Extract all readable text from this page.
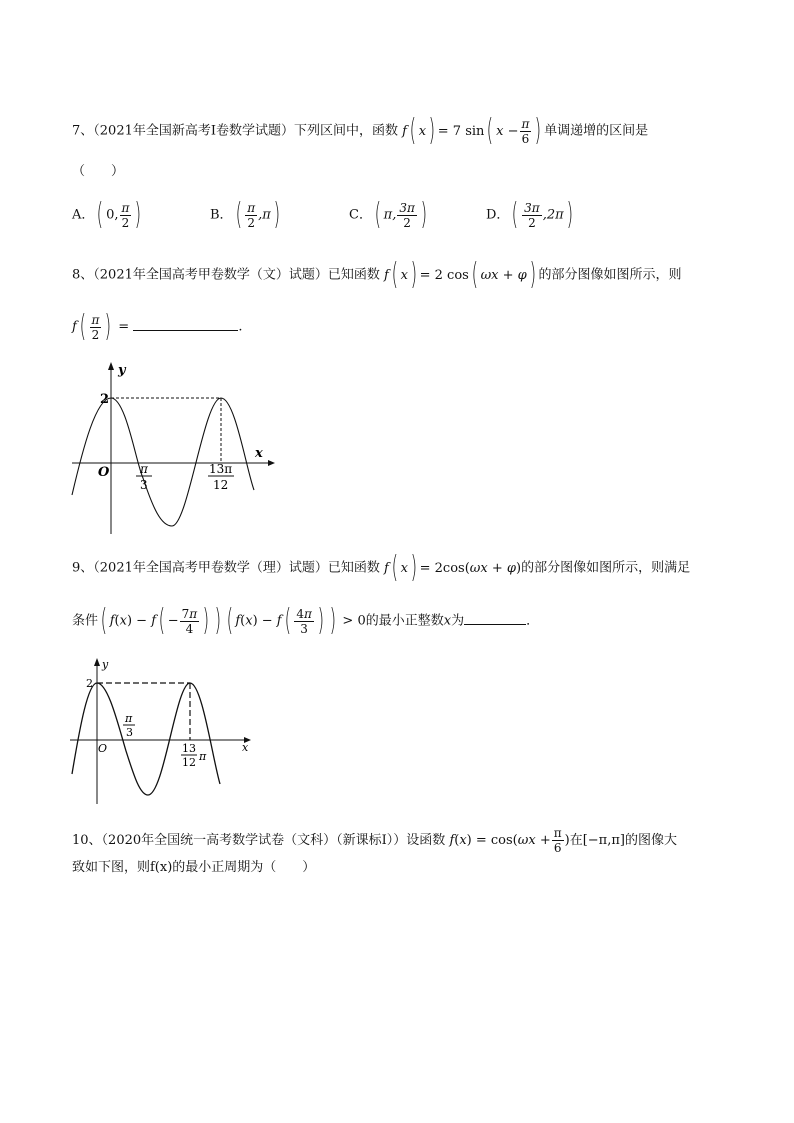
7、（2021年全国新高考Ⅰ卷数学试题）下列区间中，函数 f( x) = 7 sin( $x - \frac{\pi}{6}$ ) 单调递增的区间是
（　　）
A．( 0, $\frac{\pi}{2}$ )	B．( $\frac{\pi}{2} ,\pi$)	C．( π, $\frac{3\pi}{2}$ )	D．( $\frac{3\pi}{2} ,2\pi$)
8、（2021年全国高考甲卷数学（文）试题）已知函数 f( x) = 2 cos( ωx + φ) 的部分图像如图所示，则
$f( \frac{\pi}{2}$ ) =	.
y
x
O
2
π
3
13π
12
9、（2021年全国高考甲卷数学（理）试题）已知函数 f( x) = 2cos(ωx + φ)的部分图像如图所示，则满足
条件( $f(x) - f( - \frac{7\pi}{4}$ ) ) ( $f(x) - f( \frac{4\pi}{3}$ ) ) > 0的最小正整数x为	．
y
x
O
2
π
3
13
12 π
10、（2020年全国统一高考数学试卷（文科）（新课标Ⅰ））设函数 $f(x) = \cos(\omega x + \frac{\pi}{6}$ )在[−π,π]的图像大
致如下图，则f(x)的最小正周期为（　　）
